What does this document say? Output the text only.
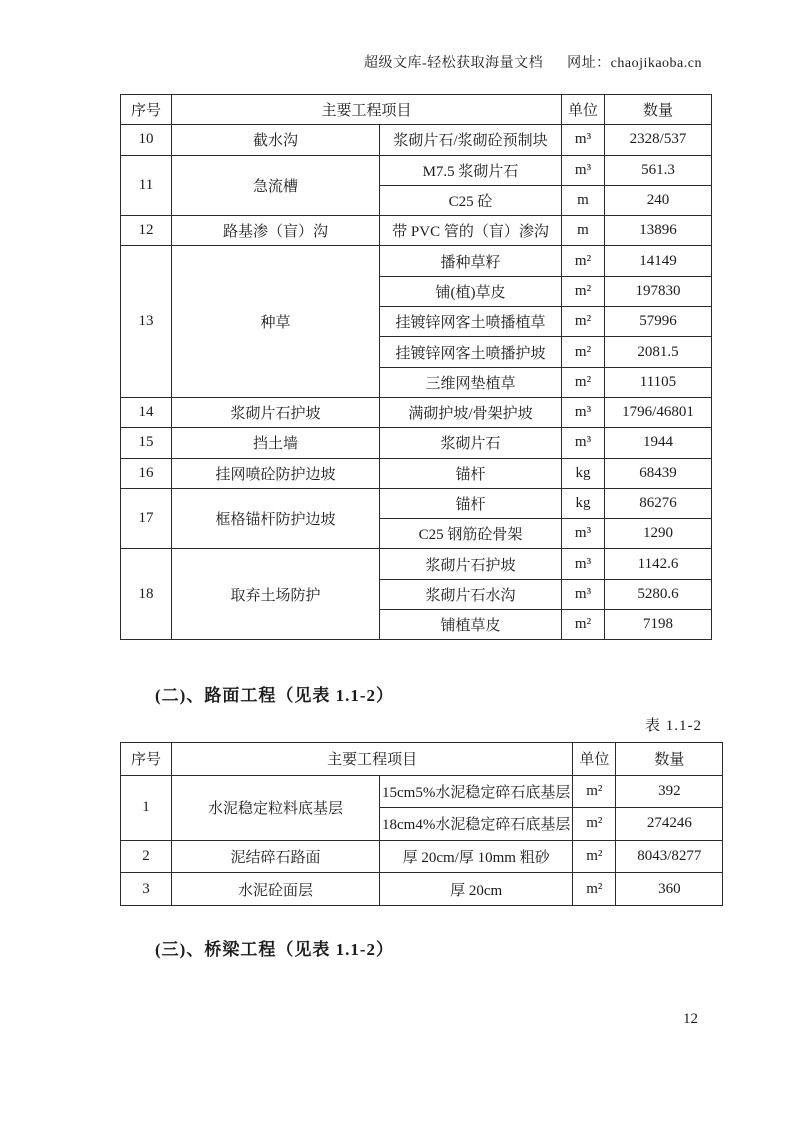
超级文库-轻松获取海量文档 网址：chaojikaoba.cn
序号	主要工程项目		单位	数量
10	截水沟	浆砌片石/浆砌砼预制块	m³	2328/537
11	急流槽	M7.5 浆砌片石	m³	561.3
		C25 砼	m	240
12	路基渗（盲）沟	带 PVC 管的（盲）渗沟	m	13896
13	种草	播种草籽	m²	14149
		铺(植)草皮	m²	197830
		挂镀锌网客土喷播植草	m²	57996
		挂镀锌网客土喷播护坡	m²	2081.5
		三维网垫植草	m²	11105
14	浆砌片石护坡	满砌护坡/骨架护坡	m³	1796/46801
15	挡土墙	浆砌片石	m³	1944
16	挂网喷砼防护边坡	锚杆	kg	68439
17	框格锚杆防护边坡	锚杆	kg	86276
		C25 钢筋砼骨架	m³	1290
18	取弃土场防护	浆砌片石护坡	m³	1142.6
		浆砌片石水沟	m³	5280.6
		铺植草皮	m²	7198
(二)、路面工程（见表 1.1-2）
表 1.1-2
序号	主要工程项目		单位	数量
1	水泥稳定粒料底基层	15cm5%水泥稳定碎石底基层	m²	392
		18cm4%水泥稳定碎石底基层	m²	274246
2	泥结碎石路面	厚 20cm/厚 10mm 粗砂	m²	8043/8277
3	水泥砼面层	厚 20cm	m²	360
(三)、桥梁工程（见表 1.1-2）
12
